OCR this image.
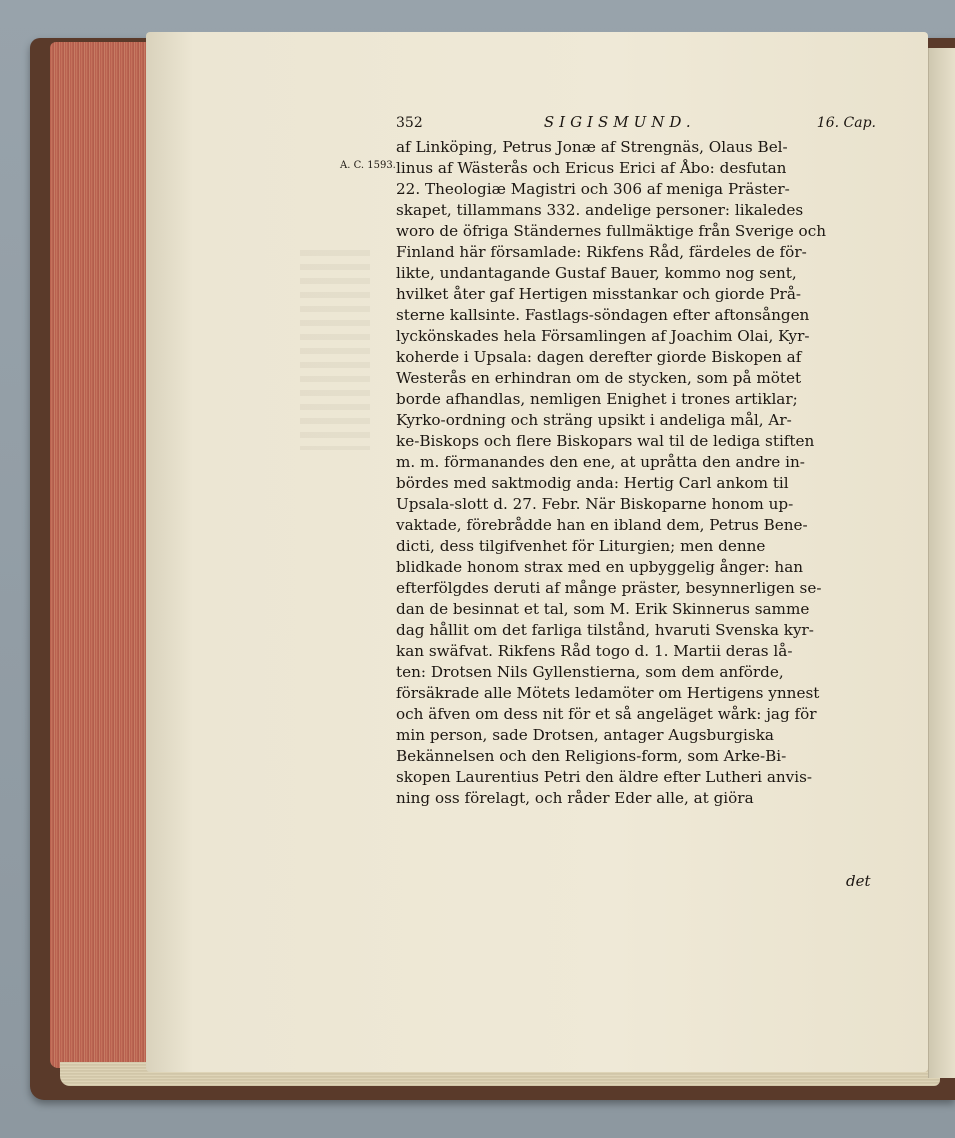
A. C. 1593.
352	SIGISMUND.	16. Cap.
af Linköping, Petrus Jonæ af Strengnäs, Olaus Bel-
linus af Wästerås och Ericus Erici af Åbo: desfutan
22. Theologiæ Magistri och 306 af meniga Präster-
skapet, tillammans 332. andelige personer: likaledes
woro de öfriga Ständernes fullmäktige från Sverige och
Finland här församlade: Rikfens Råd, färdeles de för-
likte, undantagande Gustaf Bauer, kommo nog sent,
hvilket åter gaf Hertigen misstankar och giorde Prå-
sterne kallsinte. Fastlags-söndagen efter aftonsången
lyckönskades hela Församlingen af Joachim Olai, Kyr-
koherde i Upsala: dagen derefter giorde Biskopen af
Westerås en erhindran om de stycken, som på mötet
borde afhandlas, nemligen Enighet i trones artiklar;
Kyrko-ordning och sträng upsikt i andeliga mål, Ar-
ke-Biskops och flere Biskopars wal til de lediga stiften
m. m. förmanandes den ene, at upråtta den andre in-
bördes med saktmodig anda: Hertig Carl ankom til
Upsala-slott d. 27. Febr. När Biskoparne honom up-
vaktade, förebrådde han en ibland dem, Petrus Bene-
dicti, dess tilgifvenhet för Liturgien; men denne
blidkade honom strax med en upbyggelig ånger: han
efterfölgdes deruti af månge präster, besynnerligen se-
dan de besinnat et tal, som M. Erik Skinnerus samme
dag hållit om det farliga tilstånd, hvaruti Svenska kyr-
kan swäfvat. Rikfens Råd togo d. 1. Martii deras lå-
ten: Drotsen Nils Gyllenstierna, som dem anförde,
försäkrade alle Mötets ledamöter om Hertigens ynnest
och äfven om dess nit för et så angeläget wårk: jag för
min person, sade Drotsen, antager Augsburgiska
Bekännelsen och den Religions-form, som Arke-Bi-
skopen Laurentius Petri den äldre efter Lutheri anvis-
ning oss förelagt, och råder Eder alle, at giöra
det
